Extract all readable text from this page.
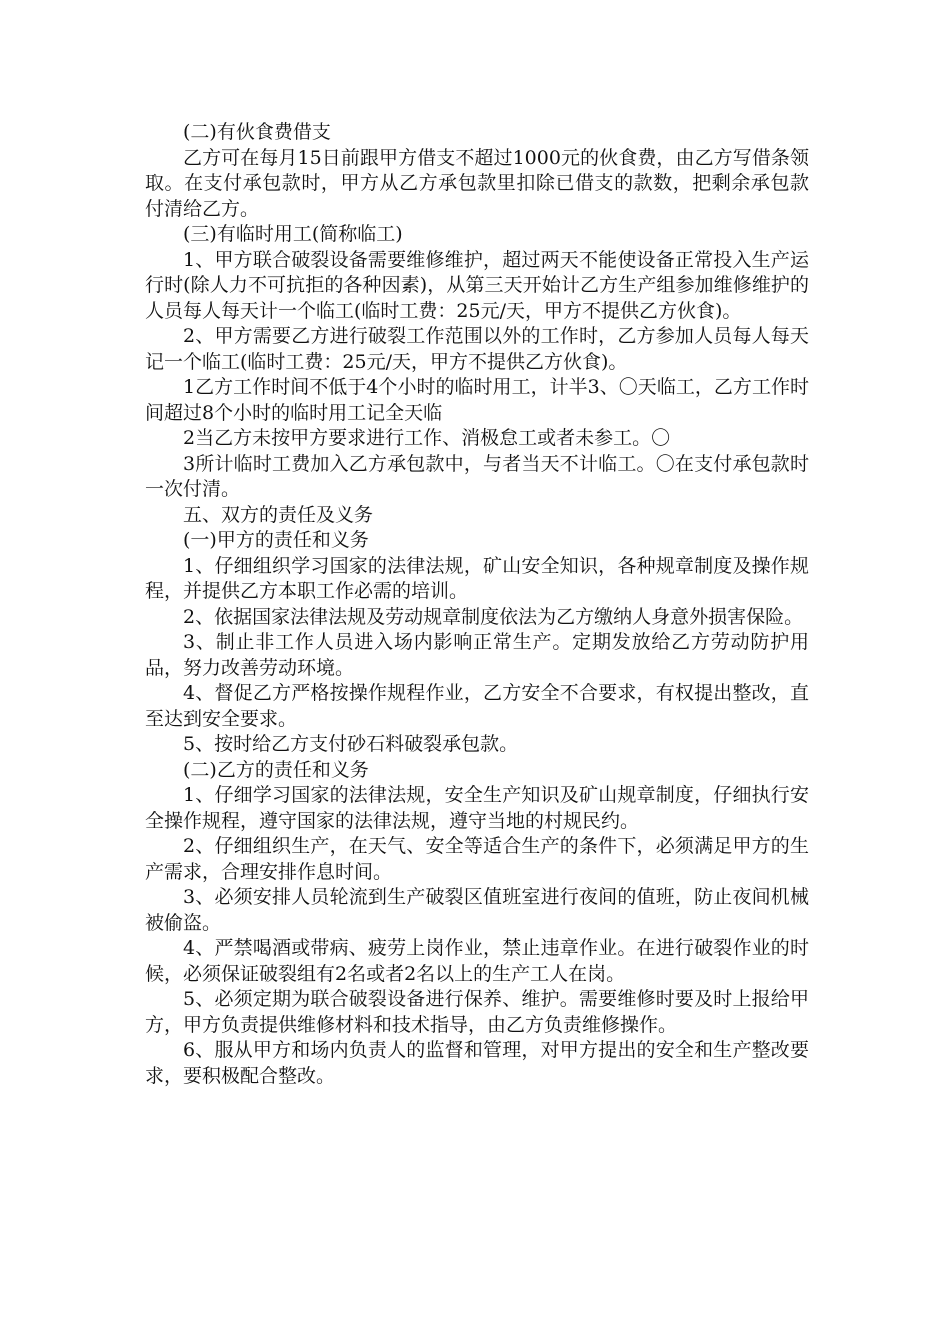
(二)有伙食费借支

乙方可在每月15日前跟甲方借支不超过1000元的伙食费，由乙方写借条领取。在支付承包款时，甲方从乙方承包款里扣除已借支的款数，把剩余承包款付清给乙方。

(三)有临时用工(简称临工)

1、甲方联合破裂设备需要维修维护，超过两天不能使设备正常投入生产运行时(除人力不可抗拒的各种因素)，从第三天开始计乙方生产组参加维修维护的人员每人每天计一个临工(临时工费：25元/天，甲方不提供乙方伙食)。

2、甲方需要乙方进行破裂工作范围以外的工作时，乙方参加人员每人每天记一个临工(临时工费：25元/天，甲方不提供乙方伙食)。

1乙方工作时间不低于4个小时的临时用工，计半3、〇天临工，乙方工作时间超过8个小时的临时用工记全天临

2当乙方未按甲方要求进行工作、消极怠工或者未参工。〇

3所计临时工费加入乙方承包款中，与者当天不计临工。〇在支付承包款时一次付清。

五、双方的责任及义务

(一)甲方的责任和义务

1、仔细组织学习国家的法律法规，矿山安全知识，各种规章制度及操作规程，并提供乙方本职工作必需的培训。

2、依据国家法律法规及劳动规章制度依法为乙方缴纳人身意外损害保险。

3、制止非工作人员进入场内影响正常生产。定期发放给乙方劳动防护用品，努力改善劳动环境。

4、督促乙方严格按操作规程作业，乙方安全不合要求，有权提出整改，直至达到安全要求。

5、按时给乙方支付砂石料破裂承包款。

(二)乙方的责任和义务

1、仔细学习国家的法律法规，安全生产知识及矿山规章制度，仔细执行安全操作规程，遵守国家的法律法规，遵守当地的村规民约。

2、仔细组织生产，在天气、安全等适合生产的条件下，必须满足甲方的生产需求，合理安排作息时间。

3、必须安排人员轮流到生产破裂区值班室进行夜间的值班，防止夜间机械被偷盗。

4、严禁喝酒或带病、疲劳上岗作业，禁止违章作业。在进行破裂作业的时候，必须保证破裂组有2名或者2名以上的生产工人在岗。

5、必须定期为联合破裂设备进行保养、维护。需要维修时要及时上报给甲方，甲方负责提供维修材料和技术指导，由乙方负责维修操作。

6、服从甲方和场内负责人的监督和管理，对甲方提出的安全和生产整改要求，要积极配合整改。
